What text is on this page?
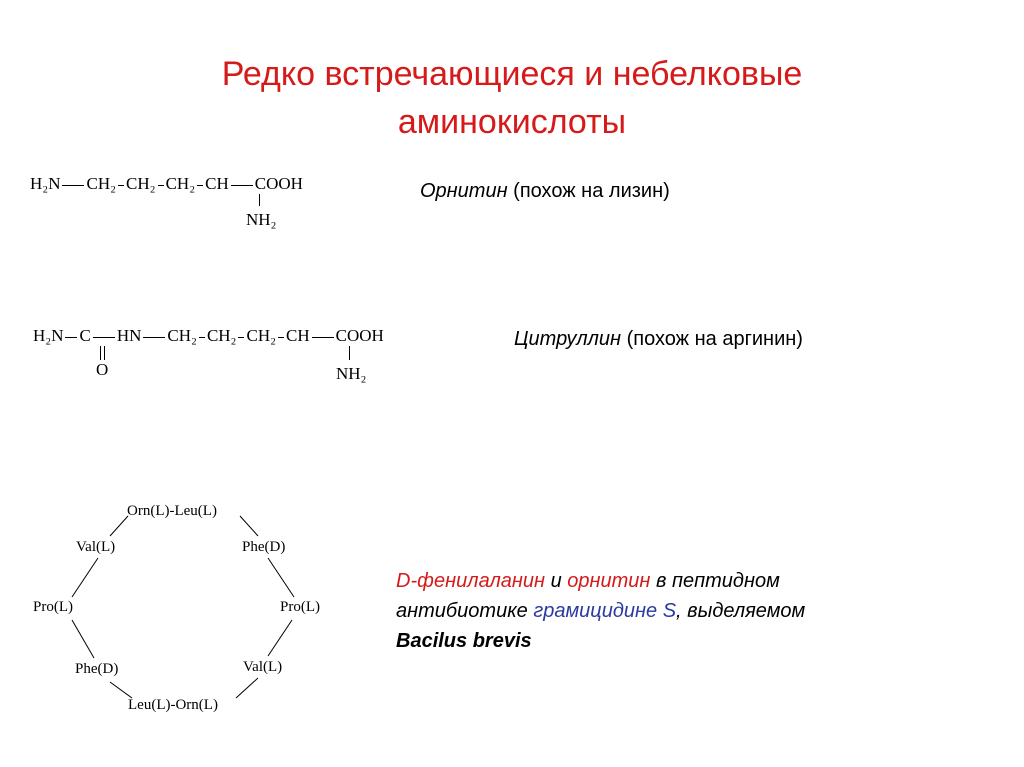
Редко встречающиеся и небелковые
аминокислоты
H₂N CH₂ CH₂ CH₂ CH COOH
NH₂
Орнитин (похож на лизин)
H₂N C HN CH₂ CH₂ CH₂ CH COOH
O	NH₂
Цитруллин (похож на аргинин)
Orn(L)-Leu(L)
Phe(D)
Pro(L)
Val(L)
Leu(L)-Orn(L)
Phe(D)
Pro(L)
Val(L)
D-фенилаланин и орнитин в пептидном антибиотике грамицидине S, выделяемом
Bacilus brevis
